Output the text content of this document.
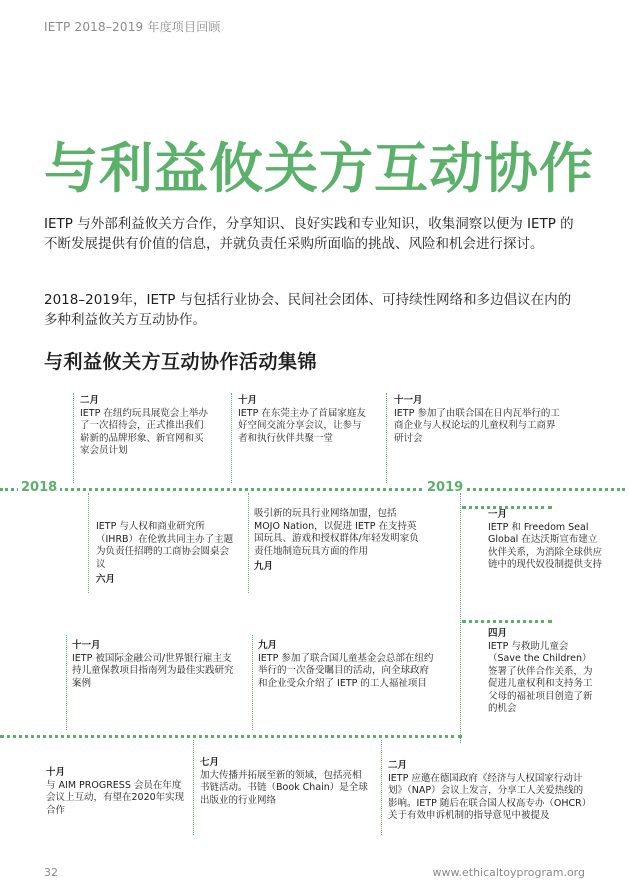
IETP 2018–2019 年度项目回顾
与利益攸关方互动协作

IETP 与外部利益攸关方合作，分享知识、良好实践和专业知识，收集洞察以便为 IETP 的不断发展提供有价值的信息，并就负责任采购所面临的挑战、风险和机会进行探讨。

2018–2019年，IETP 与包括行业协会、民间社会团体、可持续性网络和多边倡议在内的多种利益攸关方互动协作。

与利益攸关方互动协作活动集锦
2018	2019
二月
IETP 在纽约玩具展览会上举办了一次招待会，正式推出我们崭新的品牌形象、新官网和买家会员计划
十月
IETP 在东莞主办了首届家庭友好空间交流分享会议，让参与者和执行伙伴共聚一堂
十一月
IETP 参加了由联合国在日内瓦举行的工商企业与人权论坛的儿童权利与工商界研讨会
IETP 与人权和商业研究所（IHRB）在伦敦共同主办了主题为负责任招聘的工商协会圆桌会议
六月
吸引新的玩具行业网络加盟，包括 MOJO Nation，以促进 IETP 在支持英国玩具、游戏和授权群体/年轻发明家负责任地制造玩具方面的作用
九月
一月
IETP 和 Freedom Seal Global 在达沃斯宣布建立伙伴关系，为消除全球供应链中的现代奴役制提供支持
十一月
IETP 被国际金融公司/世界银行雇主支持儿童保教项目指南列为最佳实践研究案例
九月
IETP 参加了联合国儿童基金会总部在纽约举行的一次备受瞩目的活动，向全球政府和企业受众介绍了 IETP 的工人福祉项目
四月
IETP 与救助儿童会（Save the Children）签署了伙伴合作关系，为促进儿童权利和支持务工父母的福祉项目创造了新的机会
十月
与 AIM PROGRESS 会员在年度会议上互动，有望在2020年实现合作
七月
加大传播并拓展至新的领域，包括亮相书链活动。书链（Book Chain）是全球出版业的行业网络
二月
IETP 应邀在德国政府《经济与人权国家行动计划》（NAP）会议上发言，分享工人关爱热线的影响。IETP 随后在联合国人权高专办（OHCR）关于有效申诉机制的指导意见中被提及
32	www.ethicaltoyprogram.org
